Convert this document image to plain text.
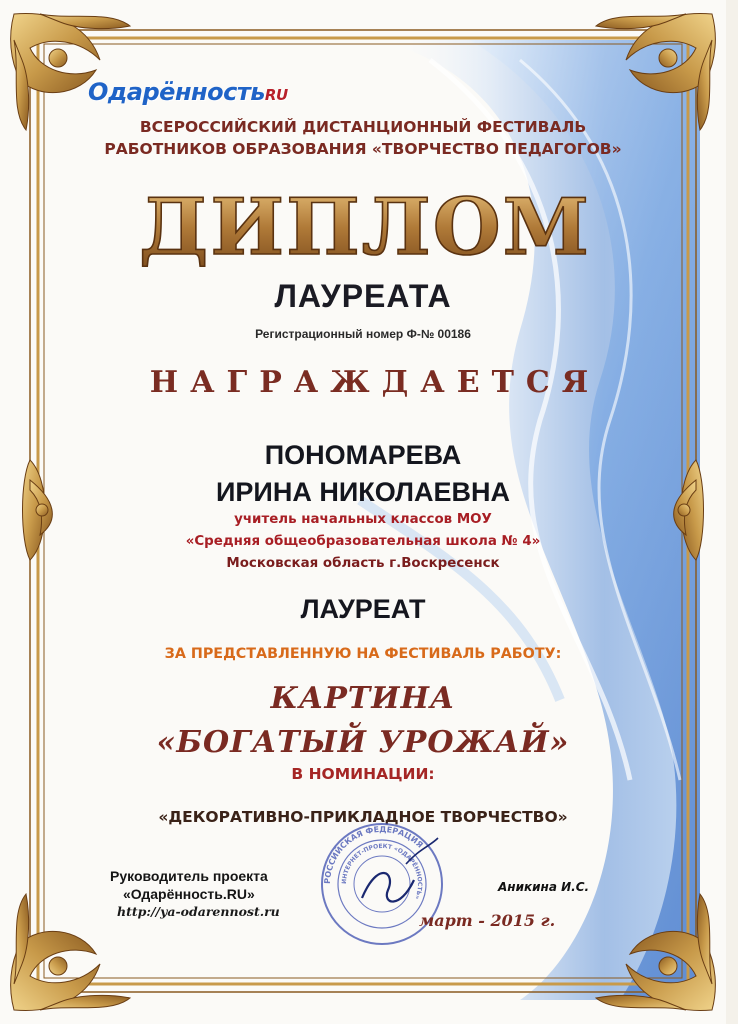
ОдарённостьRU
ВСЕРОССИЙСКИЙ ДИСТАНЦИОННЫЙ ФЕСТИВАЛЬ
РАБОТНИКОВ ОБРАЗОВАНИЯ «ТВОРЧЕСТВО ПЕДАГОГОВ»
ДИПЛОМ
ЛАУРЕАТА
Регистрационный номер Ф-№ 00186
НАГРАЖДАЕТСЯ
ПОНОМАРЕВА
ИРИНА НИКОЛАЕВНА
учитель начальных классов МОУ
«Средняя общеобразовательная школа № 4»
Московская область г.Воскресенск
ЛАУРЕАТ
ЗА ПРЕДСТАВЛЕННУЮ НА ФЕСТИВАЛЬ РАБОТУ:
КАРТИНА
«БОГАТЫЙ УРОЖАЙ»
В НОМИНАЦИИ:
«ДЕКОРАТИВНО-ПРИКЛАДНОЕ ТВОРЧЕСТВО»
Руководитель проекта
«Одарённость.RU»
http://ya-odarennost.ru
РОССИЙСКАЯ ФЕДЕРАЦИЯ
ИНТЕРНЕТ-ПРОЕКТ «ОДАРЁННОСТЬ»
Аникина И.С.
март - 2015 г.
